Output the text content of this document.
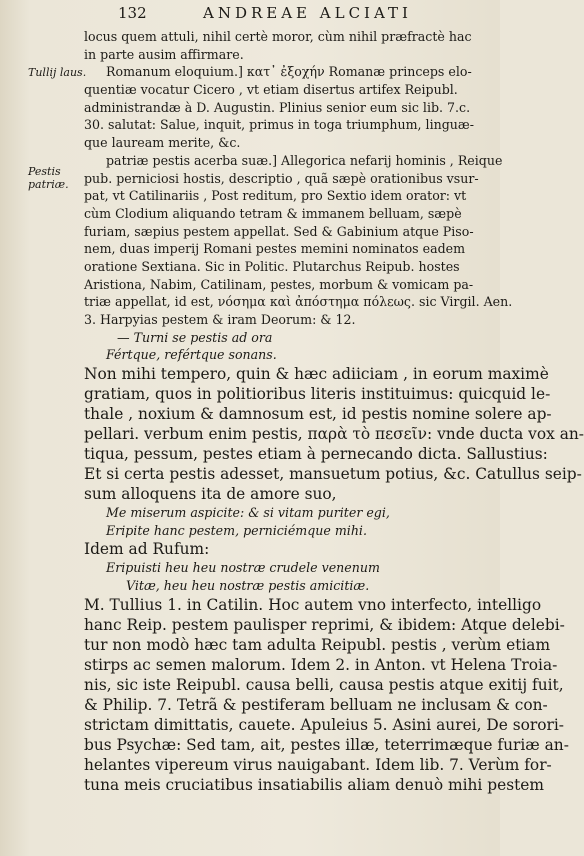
132	ANDREAE ALCIATI
Tullij laus.
Pestis patriæ.
locus quem attuli, nihil certè moror, cùm nihil præfractè hac
in parte ausim affirmare.
Romanum eloquium.] κατ᾽ ἐξοχήν Romanæ princeps elo-
quentiæ vocatur Cicero , vt etiam disertus artifex Reipubl.
administrandæ à D. Augustin. Plinius senior eum sic lib. 7.c.
30. salutat: Salue, inquit, primus in toga triumphum, linguæ-
que lauream merite, &c.
patriæ pestis acerba suæ.] Allegorica nefarij hominis , Reique
pub. perniciosi hostis, descriptio , quã sæpè orationibus vsur-
pat, vt Catilinariis , Post reditum, pro Sextio idem orator: vt
cùm Clodium aliquando tetram & immanem belluam, sæpè
furiam, sæpius pestem appellat. Sed & Gabinium atque Piso-
nem, duas imperij Romani pestes memini nominatos eadem
oratione Sextiana. Sic in Politic. Plutarchus Reipub. hostes
Aristiona, Nabim, Catilinam, pestes, morbum & vomicam pa-
triæ appellat, id est, νόσημα καὶ ἀπόστημα πόλεως. sic Virgil. Aen.
3. Harpyias pestem & iram Deorum: & 12.
— Turni se pestis ad ora
Fértque, refértque sonans.
Non mihi tempero, quin & hæc adiiciam , in eorum maximè
gratiam, quos in politioribus literis instituimus: quicquid le-
thale , noxium & damnosum est, id pestis nomine solere ap-
pellari. verbum enim pestis, παρὰ τὸ πεσεῖν: vnde ducta vox an-
tiqua, pessum, pestes etiam à pernecando dicta. Sallustius:
Et si certa pestis adesset, mansuetum potius, &c. Catullus seip-
sum alloquens ita de amore suo,
Me miserum aspicite: & si vitam puriter egi,
Eripite hanc pestem, perniciémque mihi.
Idem ad Rufum:
Eripuisti heu heu nostræ crudele venenum
Vitæ, heu heu nostræ pestis amicitiæ.
M. Tullius 1. in Catilin. Hoc autem vno interfecto, intelligo
hanc Reip. pestem paulisper reprimi, & ibidem: Atque delebi-
tur non modò hæc tam adulta Reipubl. pestis , verùm etiam
stirps ac semen malorum. Idem 2. in Anton. vt Helena Troia-
nis, sic iste Reipubl. causa belli, causa pestis atque exitij fuit,
& Philip. 7. Tetrã & pestiferam belluam ne inclusam & con-
strictam dimittatis, cauete. Apuleius 5. Asini aurei, De sorori-
bus Psychæ: Sed tam, ait, pestes illæ, teterrimæque furiæ an-
helantes vipereum virus nauigabant. Idem lib. 7. Verùm for-
tuna meis cruciatibus insatiabilis aliam denuò mihi pestem
